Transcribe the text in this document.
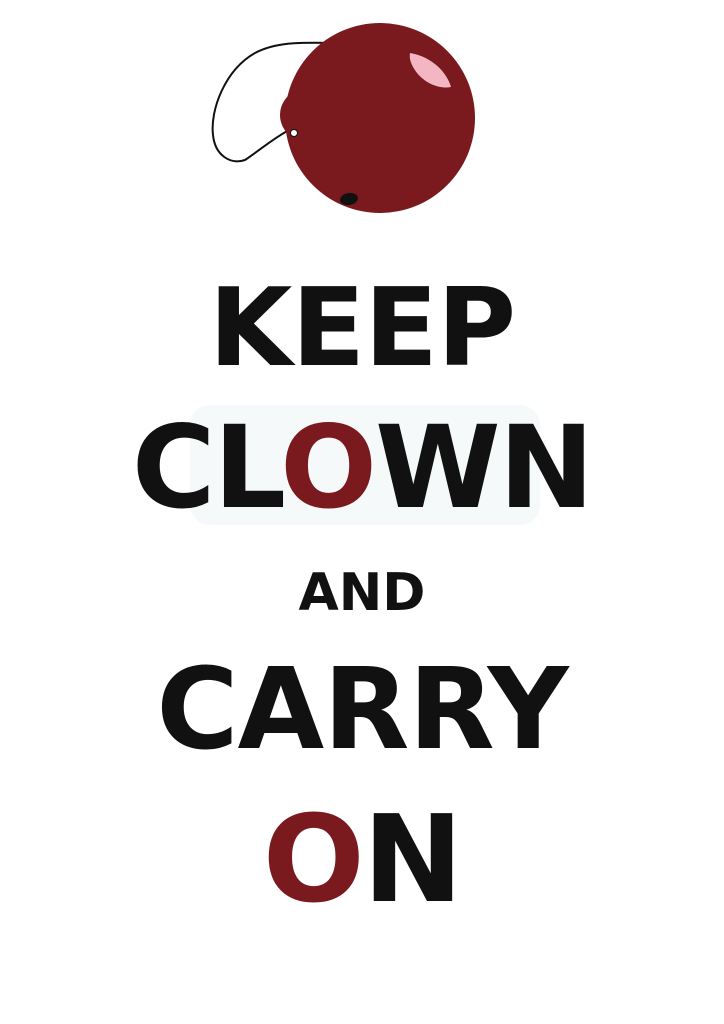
KEEP
CLOWN
AND
CARRY
ON
